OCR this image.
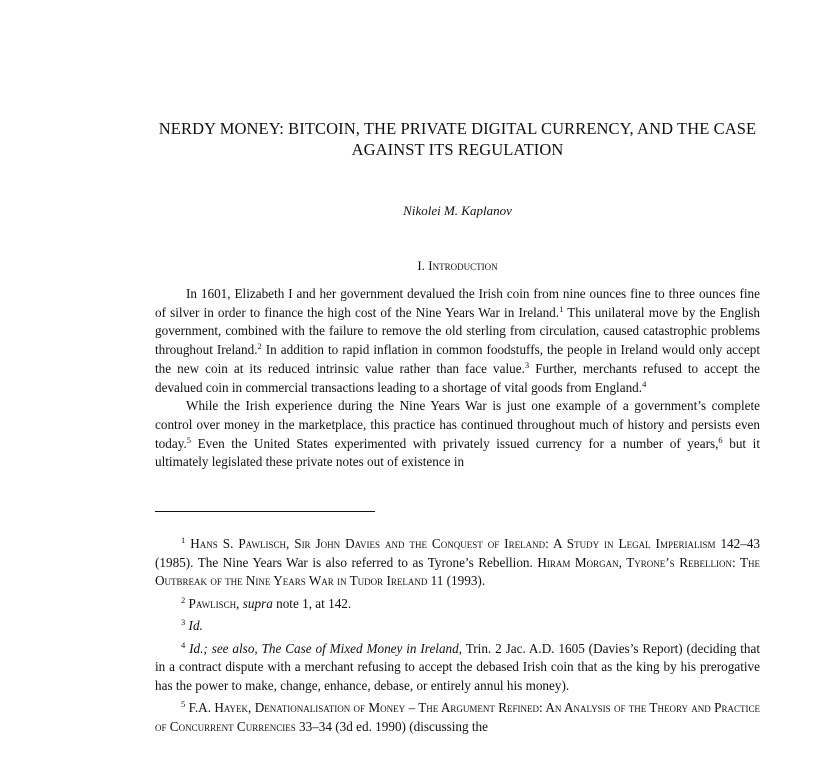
NERDY MONEY: BITCOIN, THE PRIVATE DIGITAL CURRENCY, AND THE CASE AGAINST ITS REGULATION
Nikolei M. Kaplanov
I. Introduction

In 1601, Elizabeth I and her government devalued the Irish coin from nine ounces fine to three ounces fine of silver in order to finance the high cost of the Nine Years War in Ireland.$^1$ This unilateral move by the English government, combined with the failure to remove the old sterling from circulation, caused catastrophic problems throughout Ireland.$^2$ In addition to rapid inflation in common foodstuffs, the people in Ireland would only accept the new coin at its reduced intrinsic value rather than face value.$^3$ Further, merchants refused to accept the devalued coin in commercial transactions leading to a shortage of vital goods from England.$^4$

While the Irish experience during the Nine Years War is just one example of a government’s complete control over money in the marketplace, this practice has continued throughout much of history and persists even today.$^5$ Even the United States experimented with privately issued currency for a number of years,$^6$ but it ultimately legislated these private notes out of existence in

$^1$ Hans S. Pawlisch, Sir John Davies and the Conquest of Ireland: A Study in Legal Imperialism 142–43 (1985). The Nine Years War is also referred to as Tyrone’s Rebellion. Hiram Morgan, Tyrone’s Rebellion: The Outbreak of the Nine Years War in Tudor Ireland 11 (1993).

$^2$ Pawlisch, supra note 1, at 142.

$^3$ Id.

$^4$ Id.; see also, The Case of Mixed Money in Ireland, Trin. 2 Jac. A.D. 1605 (Davies’s Report) (deciding that in a contract dispute with a merchant refusing to accept the debased Irish coin that as the king by his prerogative has the power to make, change, enhance, debase, or entirely annul his money).

$^5$ F.A. Hayek, Denationalisation of Money – The Argument Refined: An Analysis of the Theory and Practice of Concurrent Currencies 33–34 (3d ed. 1990) (discussing the
